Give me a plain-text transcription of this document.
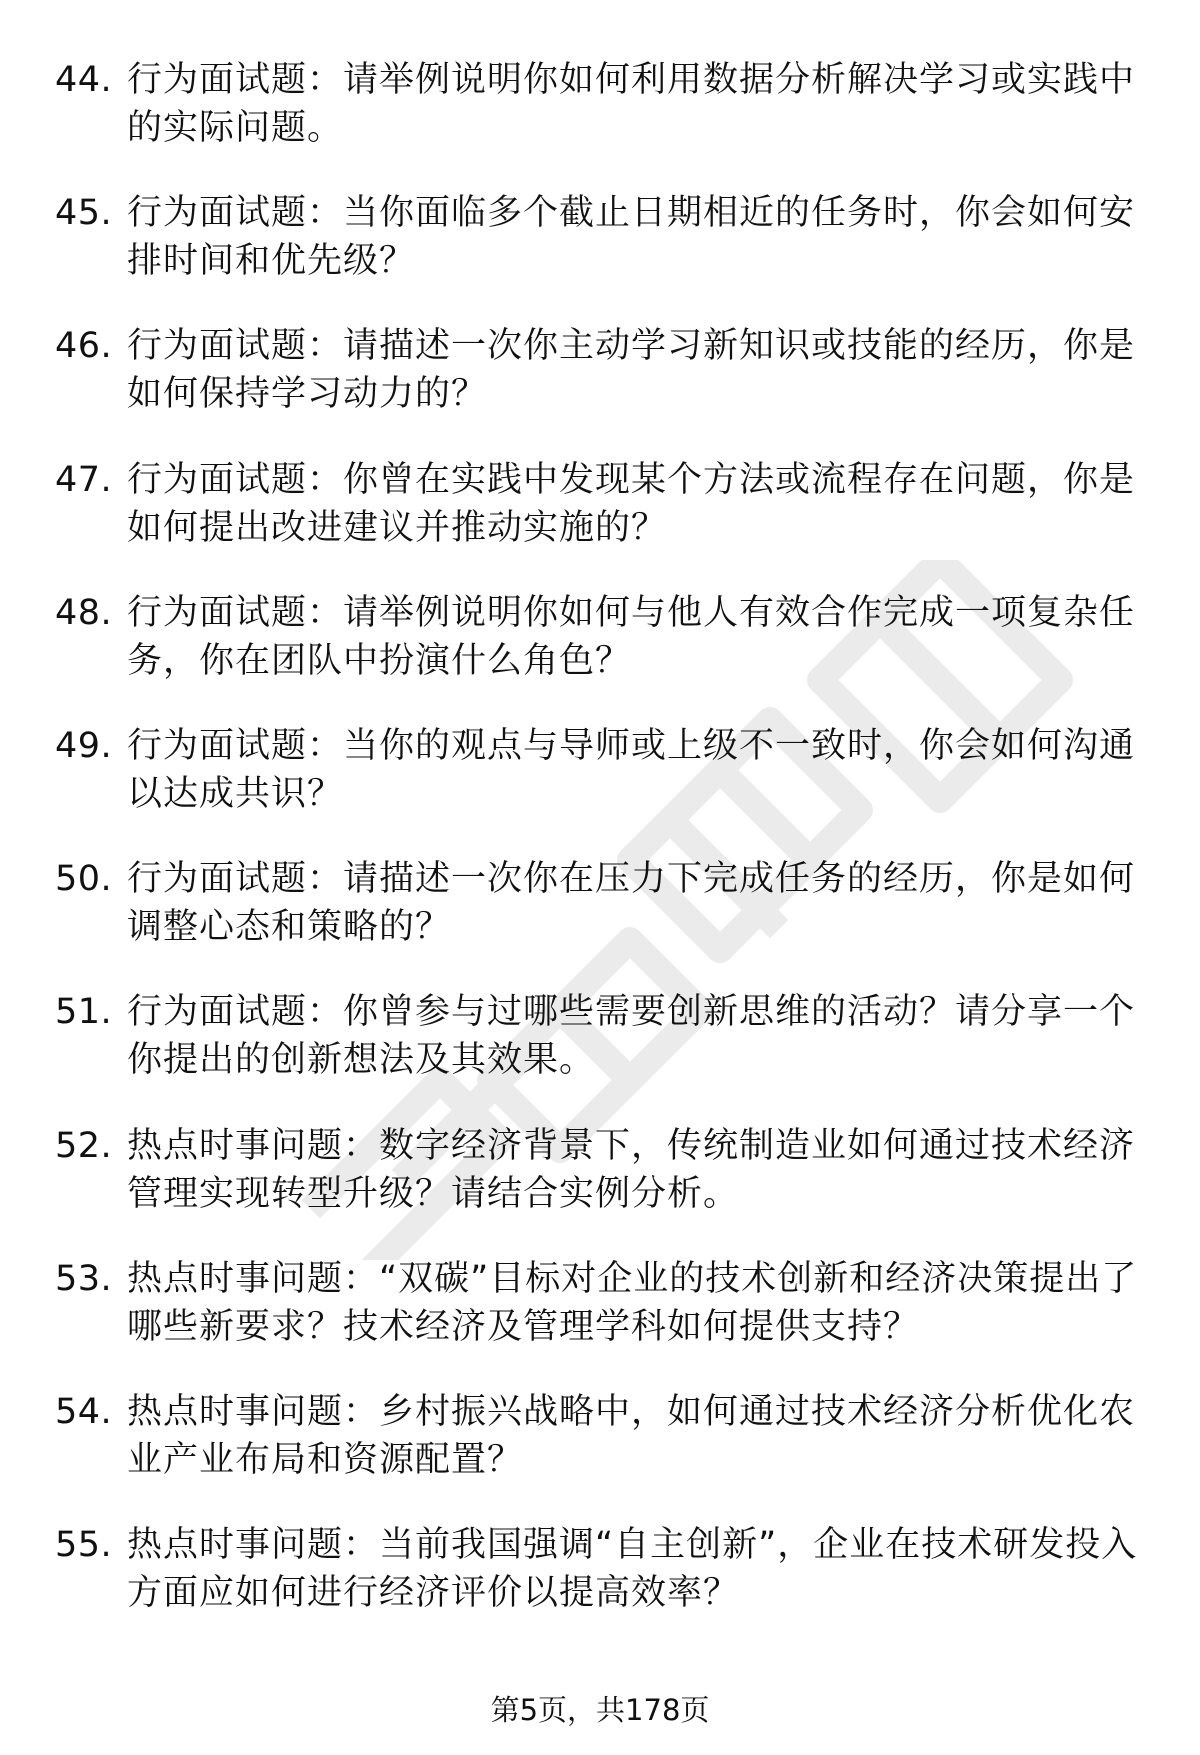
44. 行为面试题：请举例说明你如何利用数据分析解决学习或实践中的实际问题。
45. 行为面试题：当你面临多个截止日期相近的任务时，你会如何安排时间和优先级？
46. 行为面试题：请描述一次你主动学习新知识或技能的经历，你是如何保持学习动力的？
47. 行为面试题：你曾在实践中发现某个方法或流程存在问题，你是如何提出改进建议并推动实施的？
48. 行为面试题：请举例说明你如何与他人有效合作完成一项复杂任务，你在团队中扮演什么角色？
49. 行为面试题：当你的观点与导师或上级不一致时，你会如何沟通以达成共识？
50. 行为面试题：请描述一次你在压力下完成任务的经历，你是如何调整心态和策略的？
51. 行为面试题：你曾参与过哪些需要创新思维的活动？请分享一个你提出的创新想法及其效果。
52. 热点时事问题：数字经济背景下，传统制造业如何通过技术经济管理实现转型升级？请结合实例分析。
53. 热点时事问题：“双碳”目标对企业的技术创新和经济决策提出了哪些新要求？技术经济及管理学科如何提供支持？
54. 热点时事问题：乡村振兴战略中，如何通过技术经济分析优化农业产业布局和资源配置？
55. 热点时事问题：当前我国强调“自主创新”，企业在技术研发投入方面应如何进行经济评价以提高效率？
第5页，共178页
